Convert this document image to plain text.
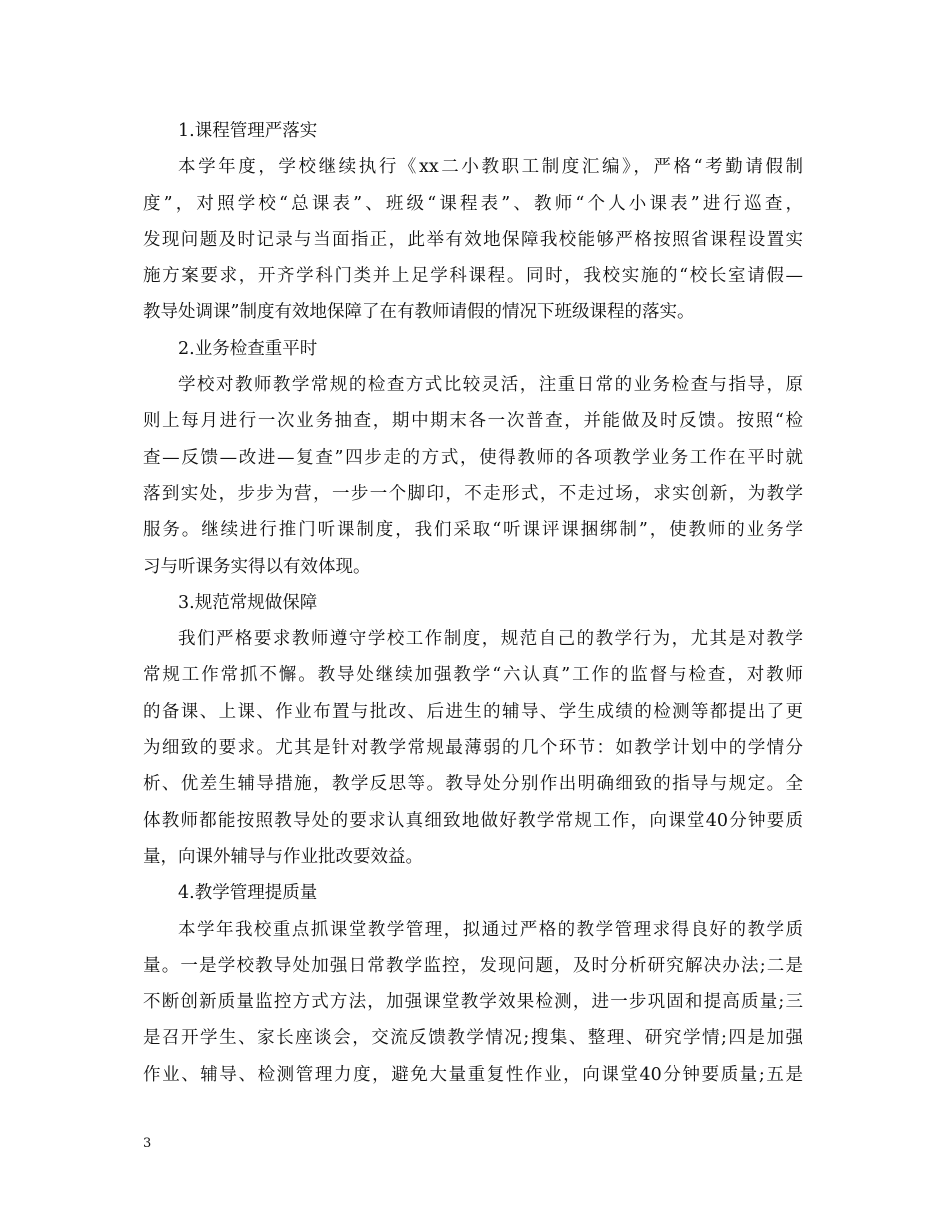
1.课程管理严落实
本学年度，学校继续执行《xx二小教职工制度汇编》，严格“考勤请假制
度”，对照学校“总课表”、班级“课程表”、教师“个人小课表”进行巡查，
发现问题及时记录与当面指正，此举有效地保障我校能够严格按照省课程设置实
施方案要求，开齐学科门类并上足学科课程。同时，我校实施的“校长室请假—
教导处调课”制度有效地保障了在有教师请假的情况下班级课程的落实。
2.业务检查重平时
学校对教师教学常规的检查方式比较灵活，注重日常的业务检查与指导，原
则上每月进行一次业务抽查，期中期末各一次普查，并能做及时反馈。按照“检
查—反馈—改进—复查”四步走的方式，使得教师的各项教学业务工作在平时就
落到实处，步步为营，一步一个脚印，不走形式，不走过场，求实创新，为教学
服务。继续进行推门听课制度，我们采取“听课评课捆绑制”，使教师的业务学
习与听课务实得以有效体现。
3.规范常规做保障
我们严格要求教师遵守学校工作制度，规范自己的教学行为，尤其是对教学
常规工作常抓不懈。教导处继续加强教学“六认真”工作的监督与检查，对教师
的备课、上课、作业布置与批改、后进生的辅导、学生成绩的检测等都提出了更
为细致的要求。尤其是针对教学常规最薄弱的几个环节：如教学计划中的学情分
析、优差生辅导措施，教学反思等。教导处分别作出明确细致的指导与规定。全
体教师都能按照教导处的要求认真细致地做好教学常规工作，向课堂40分钟要质
量，向课外辅导与作业批改要效益。
4.教学管理提质量
本学年我校重点抓课堂教学管理，拟通过严格的教学管理求得良好的教学质
量。一是学校教导处加强日常教学监控，发现问题，及时分析研究解决办法;二是
不断创新质量监控方式方法，加强课堂教学效果检测，进一步巩固和提高质量;三
是召开学生、家长座谈会，交流反馈教学情况;搜集、整理、研究学情;四是加强
作业、辅导、检测管理力度，避免大量重复性作业，向课堂40分钟要质量;五是
3
